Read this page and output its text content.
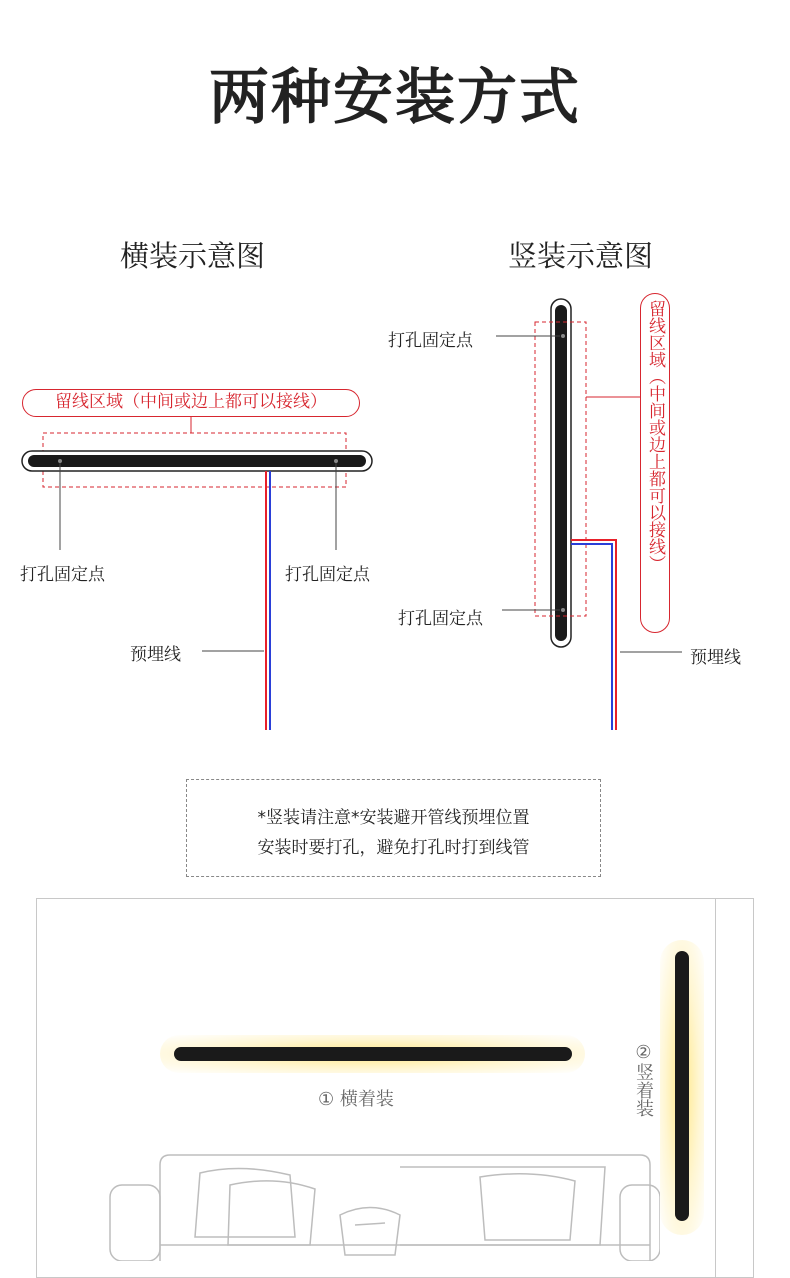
两种安装方式
横装示意图
留线区域（中间或边上都可以接线）
打孔固定点	打孔固定点
预埋线
竖装示意图
打孔固定点
打孔固定点
预埋线
留线区域（中间或边上都可以接线）
*竖装请注意*安装避开管线预埋位置
安装时要打孔，避免打孔时打到线管
① 横着装	②竖着装
